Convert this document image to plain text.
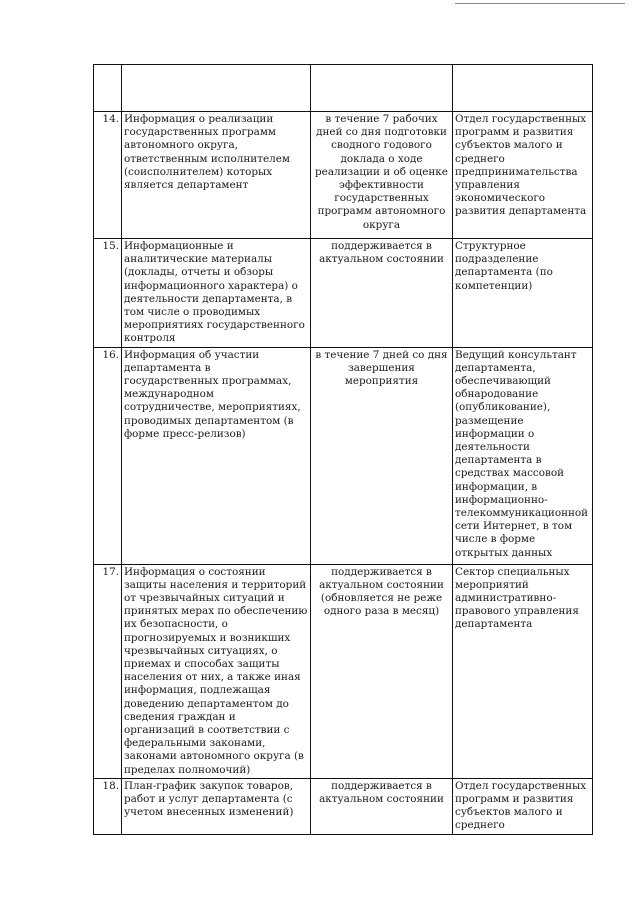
14.	Информация о реализации государственных программ автономного округа, ответственным исполнителем (соисполнителем) которых является департамент	в течение 7 рабочих дней со дня подготовки сводного годового доклада о ходе реализации и об оценке эффективности государственных программ автономного округа	Отдел государственных программ и развития субъектов малого и среднего предпринимательства управления экономического развития департамента
15.	Информационные и аналитические материалы (доклады, отчеты и обзоры информационного характера) о деятельности департамента, в том числе о проводимых мероприятиях государственного контроля	поддерживается в актуальном состоянии	Структурное подразделение департамента (по компетенции)
16.	Информация об участии департамента в государственных программах, международном сотрудничестве, мероприятиях, проводимых департаментом (в форме пресс-релизов)	в течение 7 дней со дня завершения мероприятия	Ведущий консультант департамента, обеспечивающий обнародование (опубликование), размещение информации о деятельности департамента в средствах массовой информации, в информационно-телекоммуникационной сети Интернет, в том числе в форме открытых данных
17.	Информация о состоянии защиты населения и территорий от чрезвычайных ситуаций и принятых мерах по обеспечению их безопасности, о прогнозируемых и возникших чрезвычайных ситуациях, о приемах и способах защиты населения от них, а также иная информация, подлежащая доведению департаментом до сведения граждан и организаций в соответствии с федеральными законами, законами автономного округа (в пределах полномочий)	поддерживается в актуальном состоянии (обновляется не реже одного раза в месяц)	Сектор специальных мероприятий административно-правового управления департамента
18.	План-график закупок товаров, работ и услуг департамента (с учетом внесенных изменений)	поддерживается в актуальном состоянии	Отдел государственных программ и развития субъектов малого и среднего
